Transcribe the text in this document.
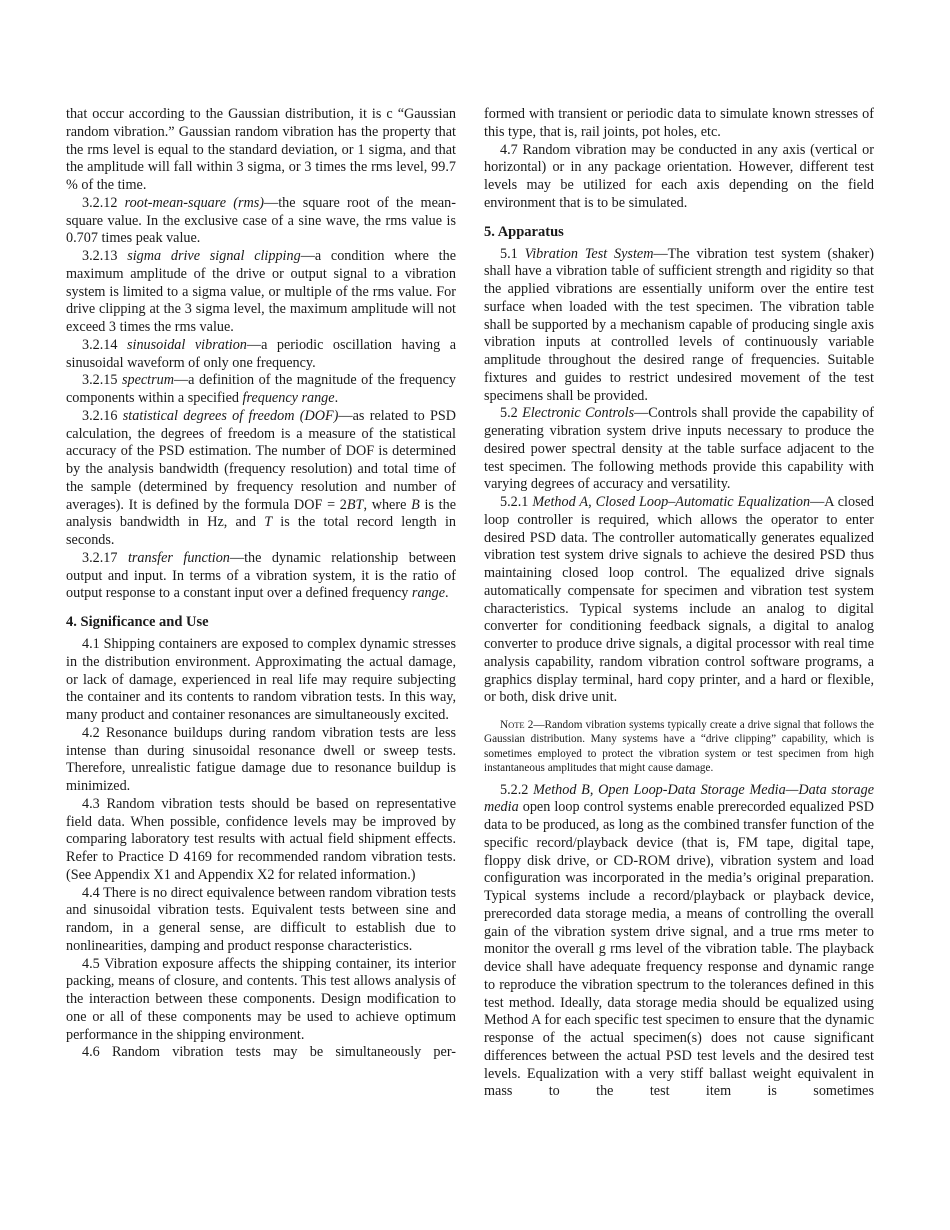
that occur according to the Gaussian distribution, it is c “Gaussian random vibration.” Gaussian random vibration has the property that the rms level is equal to the standard deviation, or 1 sigma, and that the amplitude will fall within 3 sigma, or 3 times the rms level, 99.7 % of the time.

3.2.12 root-mean-square (rms)—the square root of the mean-square value. In the exclusive case of a sine wave, the rms value is 0.707 times peak value.

3.2.13 sigma drive signal clipping—a condition where the maximum amplitude of the drive or output signal to a vibration system is limited to a sigma value, or multiple of the rms value. For drive clipping at the 3 sigma level, the maximum amplitude will not exceed 3 times the rms value.

3.2.14 sinusoidal vibration—a periodic oscillation having a sinusoidal waveform of only one frequency.

3.2.15 spectrum—a definition of the magnitude of the frequency components within a specified frequency range.

3.2.16 statistical degrees of freedom (DOF)—as related to PSD calculation, the degrees of freedom is a measure of the statistical accuracy of the PSD estimation. The number of DOF is determined by the analysis bandwidth (frequency resolution) and total time of the sample (determined by frequency resolution and number of averages). It is defined by the formula DOF = 2BT, where B is the analysis bandwidth in Hz, and T is the total record length in seconds.

3.2.17 transfer function—the dynamic relationship between output and input. In terms of a vibration system, it is the ratio of output response to a constant input over a defined frequency range.

4. Significance and Use

4.1 Shipping containers are exposed to complex dynamic stresses in the distribution environment. Approximating the actual damage, or lack of damage, experienced in real life may require subjecting the container and its contents to random vibration tests. In this way, many product and container resonances are simultaneously excited.

4.2 Resonance buildups during random vibration tests are less intense than during sinusoidal resonance dwell or sweep tests. Therefore, unrealistic fatigue damage due to resonance buildup is minimized.

4.3 Random vibration tests should be based on representative field data. When possible, confidence levels may be improved by comparing laboratory test results with actual field shipment effects. Refer to Practice D 4169 for recommended random vibration tests. (See Appendix X1 and Appendix X2 for related information.)

4.4 There is no direct equivalence between random vibration tests and sinusoidal vibration tests. Equivalent tests between sine and random, in a general sense, are difficult to establish due to nonlinearities, damping and product response characteristics.

4.5 Vibration exposure affects the shipping container, its interior packing, means of closure, and contents. This test allows analysis of the interaction between these components. Design modification to one or all of these components may be used to achieve optimum performance in the shipping environment.

4.6 Random vibration tests may be simultaneously per-

formed with transient or periodic data to simulate known stresses of this type, that is, rail joints, pot holes, etc.

4.7 Random vibration may be conducted in any axis (vertical or horizontal) or in any package orientation. However, different test levels may be utilized for each axis depending on the field environment that is to be simulated.

5. Apparatus

5.1 Vibration Test System—The vibration test system (shaker) shall have a vibration table of sufficient strength and rigidity so that the applied vibrations are essentially uniform over the entire test surface when loaded with the test specimen. The vibration table shall be supported by a mechanism capable of producing single axis vibration inputs at controlled levels of continuously variable amplitude throughout the desired range of frequencies. Suitable fixtures and guides to restrict undesired movement of the test specimens shall be provided.

5.2 Electronic Controls—Controls shall provide the capability of generating vibration system drive inputs necessary to produce the desired power spectral density at the table surface adjacent to the test specimen. The following methods provide this capability with varying degrees of accuracy and versatility.

5.2.1 Method A, Closed Loop–Automatic Equalization—A closed loop controller is required, which allows the operator to enter desired PSD data. The controller automatically generates equalized vibration test system drive signals to achieve the desired PSD thus maintaining closed loop control. The equalized drive signals automatically compensate for specimen and vibration test system characteristics. Typical systems include an analog to digital converter for conditioning feedback signals, a digital to analog converter to produce drive signals, a digital processor with real time analysis capability, random vibration control software programs, a graphics display terminal, hard copy printer, and a hard or flexible, or both, disk drive unit.

NOTE 2—Random vibration systems typically create a drive signal that follows the Gaussian distribution. Many systems have a “drive clipping” capability, which is sometimes employed to protect the vibration system or test specimen from high instantaneous amplitudes that might cause damage.

5.2.2 Method B, Open Loop-Data Storage Media—Data storage media open loop control systems enable prerecorded equalized PSD data to be produced, as long as the combined transfer function of the specific record/playback device (that is, FM tape, digital tape, floppy disk drive, or CD-ROM drive), vibration system and load configuration was incorporated in the media’s original preparation. Typical systems include a record/playback or playback device, prerecorded data storage media, a means of controlling the overall gain of the vibration system drive signal, and a true rms meter to monitor the overall g rms level of the vibration table. The playback device shall have adequate frequency response and dynamic range to reproduce the vibration spectrum to the tolerances defined in this test method. Ideally, data storage media should be equalized using Method A for each specific test specimen to ensure that the dynamic response of the actual specimen(s) does not cause significant differences between the actual PSD test levels and the desired test levels. Equalization with a very stiff ballast weight equivalent in mass to the test item is sometimes
